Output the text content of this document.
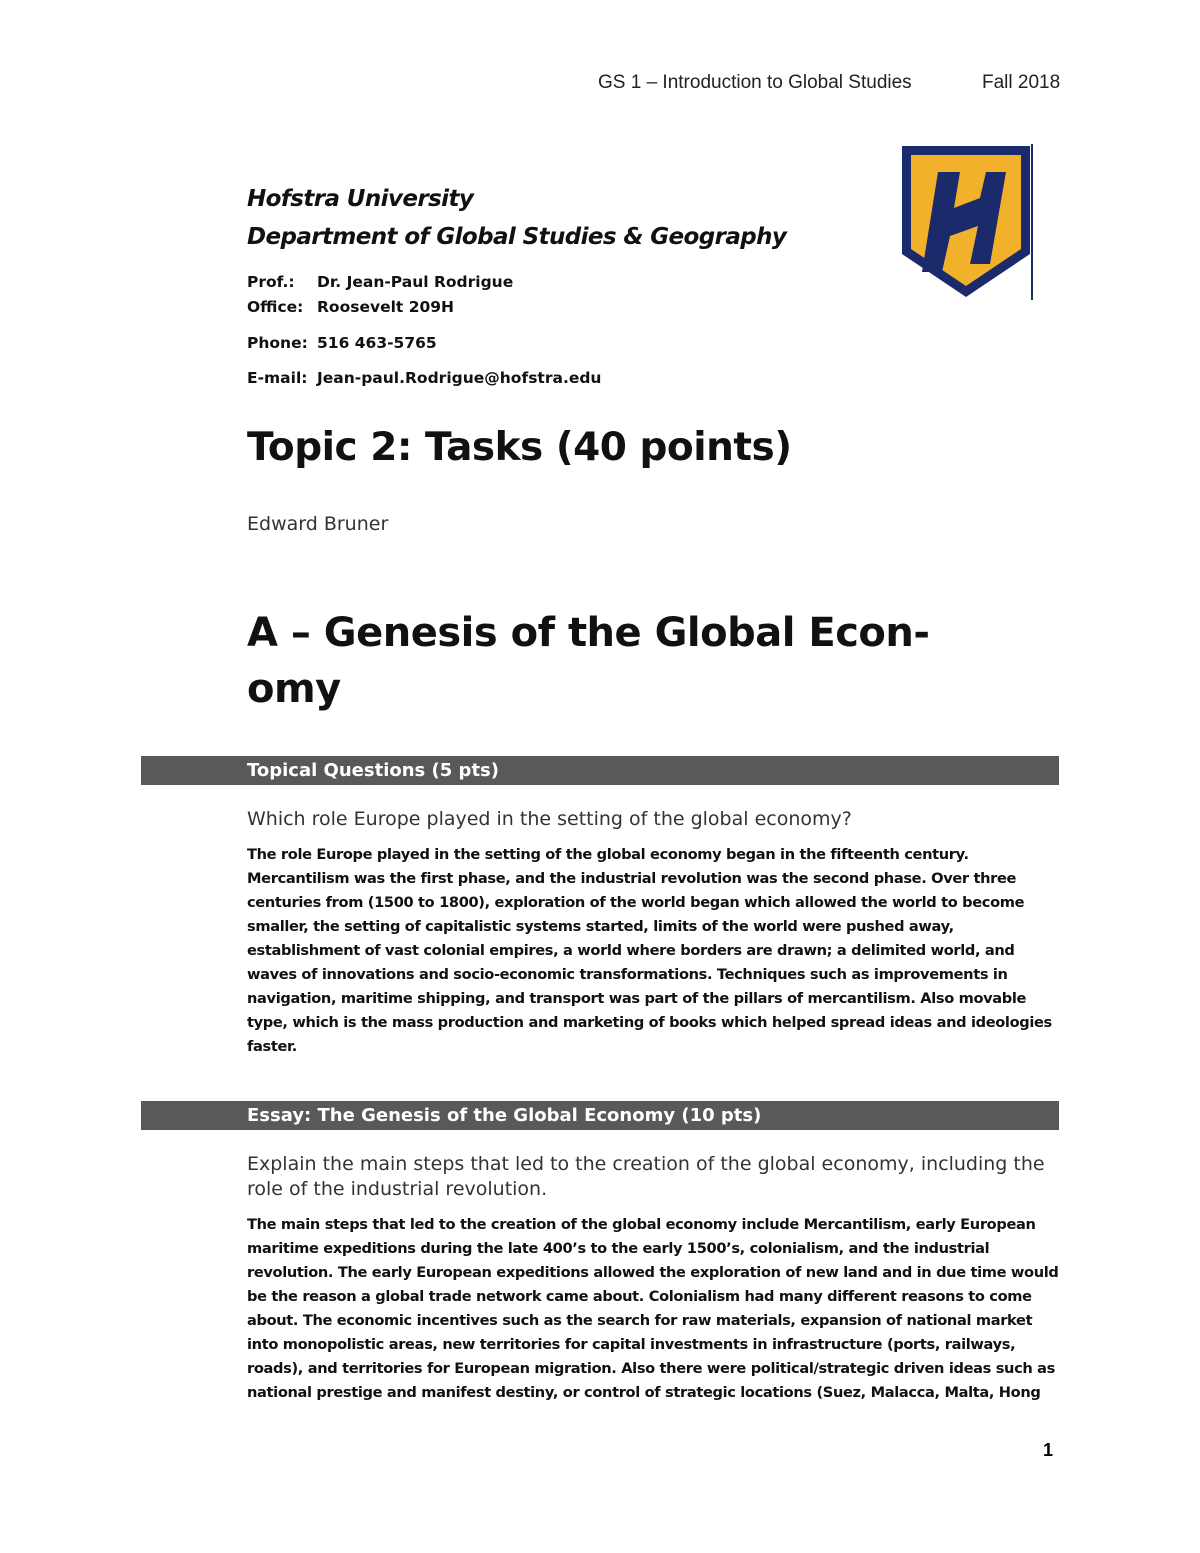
GS 1 – Introduction to Global Studies	Fall 2018
Hofstra University
Department of Global Studies & Geography
Prof.: Dr. Jean-Paul Rodrigue
Office: Roosevelt 209H
Phone: 516 463-5765
E-mail: Jean-paul.Rodrigue@hofstra.edu
Topic 2: Tasks (40 points)
Edward Bruner
A – Genesis of the Global Econ-omy
Topical Questions (5 pts)
Which role Europe played in the setting of the global economy?
The role Europe played in the setting of the global economy began in the fifteenth century. Mercantilism was the first phase, and the industrial revolution was the second phase. Over three centuries from (1500 to 1800), exploration of the world began which allowed the world to become smaller, the setting of capitalistic systems started, limits of the world were pushed away, establishment of vast colonial empires, a world where borders are drawn; a delimited world, and waves of innovations and socio-economic transformations. Techniques such as improvements in navigation, maritime shipping, and transport was part of the pillars of mercantilism. Also movable type, which is the mass production and marketing of books which helped spread ideas and ideologies faster.
Essay: The Genesis of the Global Economy (10 pts)
Explain the main steps that led to the creation of the global economy, including the role of the industrial revolution.
The main steps that led to the creation of the global economy include Mercantilism, early European maritime expeditions during the late 400’s to the early 1500’s, colonialism, and the industrial revolution. The early European expeditions allowed the exploration of new land and in due time would be the reason a global trade network came about. Colonialism had many different reasons to come about. The economic incentives such as the search for raw materials, expansion of national market into monopolistic areas, new territories for capital investments in infrastructure (ports, railways, roads), and territories for European migration. Also there were political/strategic driven ideas such as national prestige and manifest destiny, or control of strategic locations (Suez, Malacca, Malta, Hong
1
